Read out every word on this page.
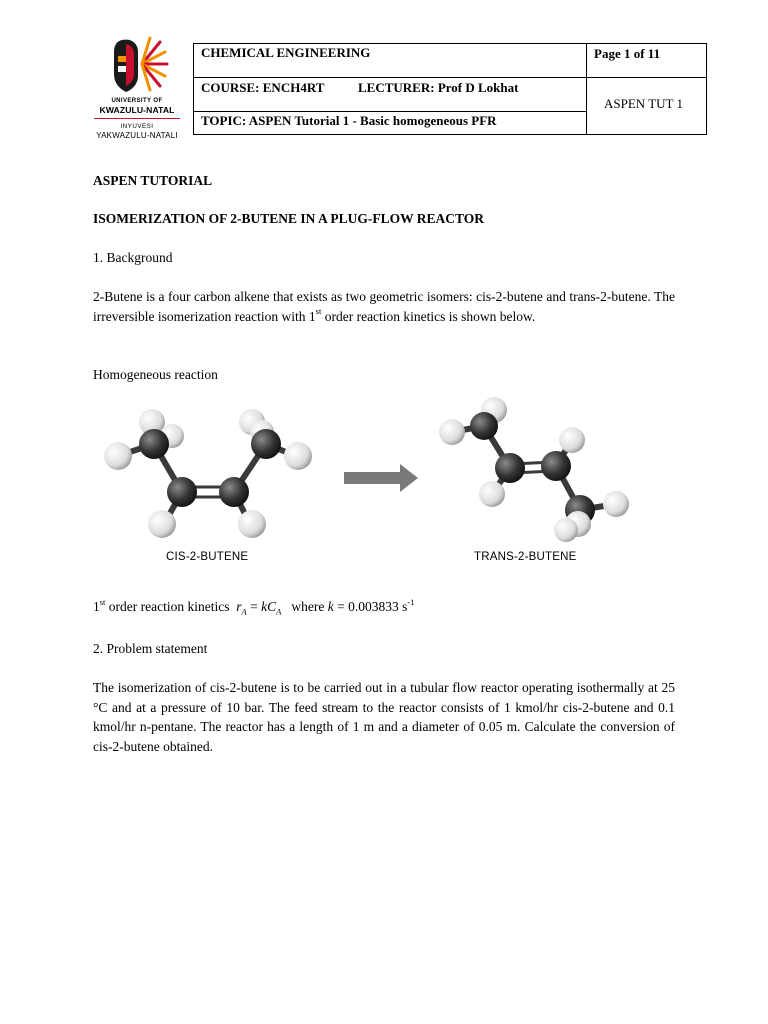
UNIVERSITY OF
KWAZULU-NATAL
INYUVESI
YAKWAZULU-NATALI
CHEMICAL ENGINEERING	Page 1 of 11
COURSE: ENCH4RT	LECTURER: Prof D Lokhat
ASPEN TUT 1
TOPIC: ASPEN Tutorial 1 - Basic homogeneous PFR
ASPEN TUTORIAL
ISOMERIZATION OF 2-BUTENE IN A PLUG-FLOW REACTOR
1. Background
2-Butene is a four carbon alkene that exists as two geometric isomers: cis-2-butene and trans-2-butene. The irreversible isomerization reaction with 1st order reaction kinetics is shown below.
Homogeneous reaction
CIS-2-BUTENE	TRANS-2-BUTENE
1st order reaction kinetics $r_A = kC_A$ where k = 0.003833 $s^{-1}$
2. Problem statement
The isomerization of cis-2-butene is to be carried out in a tubular flow reactor operating isothermally at 25 °C and at a pressure of 10 bar. The feed stream to the reactor consists of 1 kmol/hr cis-2-butene and 0.1 kmol/hr n-pentane. The reactor has a length of 1 m and a diameter of 0.05 m. Calculate the conversion of cis-2-butene obtained.
